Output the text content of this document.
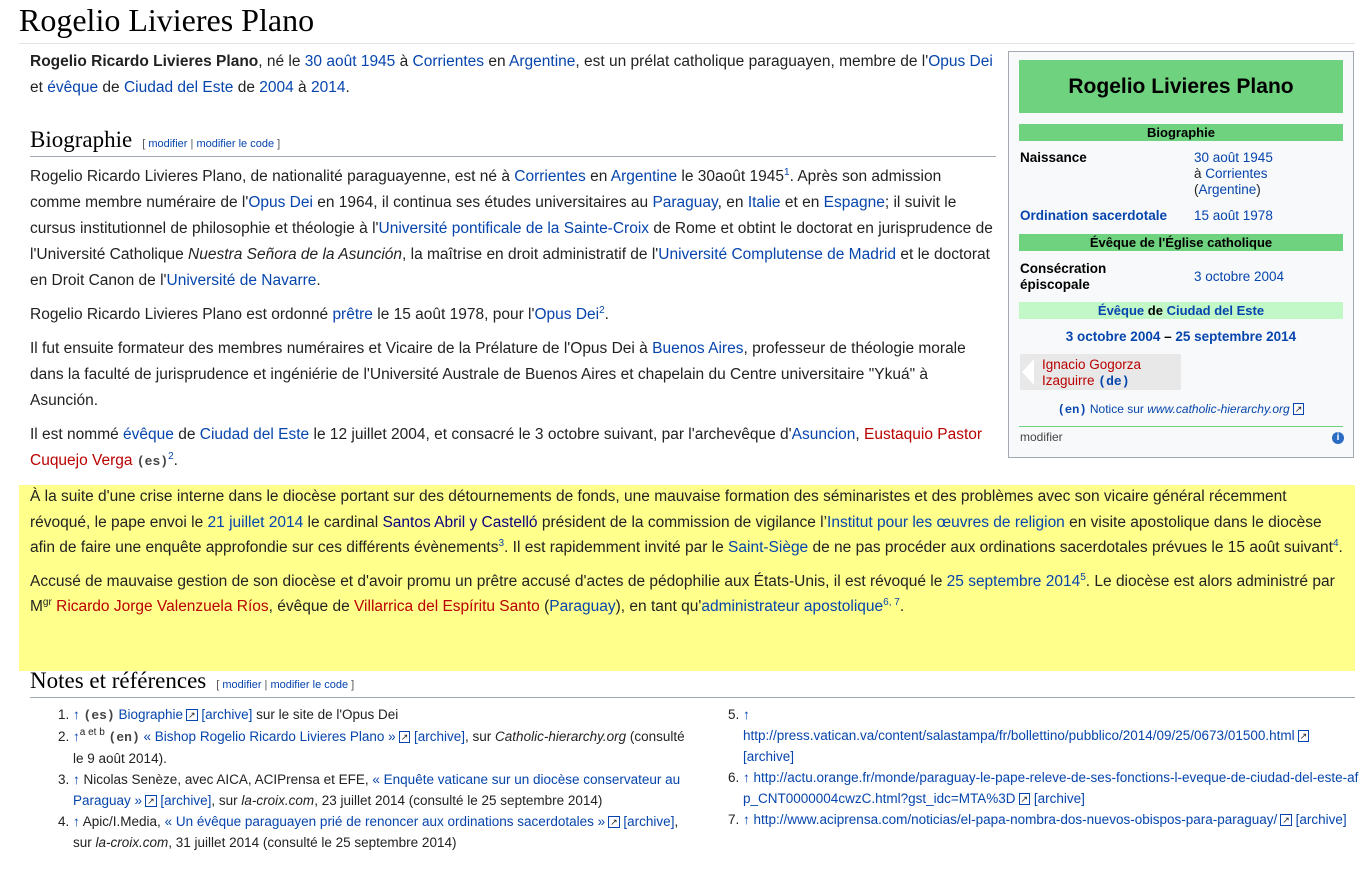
Rogelio Livieres Plano

Rogelio Ricardo Livieres Plano, né le 30 août 1945 à Corrientes en Argentine, est un prélat catholique paraguayen, membre de l'Opus Dei et évêque de Ciudad del Este de 2004 à 2014.

Biographie [ modifier | modifier le code ]

Rogelio Ricardo Livieres Plano, de nationalité paraguayenne, est né à Corrientes en Argentine le 30août 1945$^1$. Après son admission comme membre numéraire de l'Opus Dei en 1964, il continua ses études universitaires au Paraguay, en Italie et en Espagne; il suivit le cursus institutionnel de philosophie et théologie à l'Université pontificale de la Sainte-Croix de Rome et obtint le doctorat en jurisprudence de l'Université Catholique Nuestra Señora de la Asunción, la maîtrise en droit administratif de l'Université Complutense de Madrid et le doctorat en Droit Canon de l'Université de Navarre.

Rogelio Ricardo Livieres Plano est ordonné prêtre le 15 août 1978, pour l'Opus Dei$^2$.

Il fut ensuite formateur des membres numéraires et Vicaire de la Prélature de l'Opus Dei à Buenos Aires, professeur de théologie morale dans la faculté de jurisprudence et ingéniérie de l'Université Australe de Buenos Aires et chapelain du Centre universitaire "Ykuá" à Asunción.

Il est nommé évêque de Ciudad del Este le 12 juillet 2004, et consacré le 3 octobre suivant, par l'archevêque d'Asuncion, Eustaquio Pastor Cuquejo Verga (es)$^2$.

À la suite d'une crise interne dans le diocèse portant sur des détournements de fonds, une mauvaise formation des séminaristes et des problèmes avec son vicaire général récemment révoqué, le pape envoi le 21 juillet 2014 le cardinal Santos Abril y Castelló président de la commission de vigilance l’Institut pour les œuvres de religion en visite apostolique dans le diocèse afin de faire une enquête approfondie sur ces différents évènements$^3$. Il est rapidemment invité par le Saint-Siège de ne pas procéder aux ordinations sacerdotales prévues le 15 août suivant$^4$.

Accusé de mauvaise gestion de son diocèse et d'avoir promu un prêtre accusé d'actes de pédophilie aux États-Unis, il est révoqué le 25 septembre 2014$^5$. Le diocèse est alors administré par $M^{gr}$ Ricardo Jorge Valenzuela Ríos, évêque de Villarrica del Espíritu Santo (Paraguay), en tant qu'administrateur apostolique$^{6, 7}$.

Rogelio Livieres Plano
Biographie
Naissance	30 août 1945
à Corrientes
(Argentine)
Ordination sacerdotale 15 août 1978
Évêque de l'Église catholique
Consécration épiscopale
3 octobre 2004
Évêque de Ciudad del Este
3 octobre 2004 – 25 septembre 2014
Ignacio Gogorza Izaguirre (de)
(en) Notice sur www.catholic-hierarchy.org ↗
modifier	i
Notes et références [ modifier | modifier le code ]
1. ↑ (es) Biographie ↗ [archive] sur le site de l'Opus Dei
2. ↑$^{a et b}$ (en) « Bishop Rogelio Ricardo Livieres Plano » ↗ [archive], sur Catholic-hierarchy.org (consulté le 9 août 2014).
3. ↑ Nicolas Senèze, avec AICA, ACIPrensa et EFE, « Enquête vaticane sur un diocèse conservateur au Paraguay » ↗ [archive], sur la-croix.com, 23 juillet 2014 (consulté le 25 septembre 2014)
4. ↑ Apic/I.Media, « Un évêque paraguayen prié de renoncer aux ordinations sacerdotales » ↗ [archive], sur la-croix.com, 31 juillet 2014 (consulté le 25 septembre 2014)
5. ↑
http://press.vatican.va/content/salastampa/fr/bollettino/pubblico/2014/09/25/0673/01500.html ↗ [archive]
6. ↑ http://actu.orange.fr/monde/paraguay-le-pape-releve-de-ses-fonctions-l-eveque-de-ciudad-del-este-afp_CNT0000004cwzC.html?gst_idc=MTA%3D ↗ [archive]
7. ↑ http://www.aciprensa.com/noticias/el-papa-nombra-dos-nuevos-obispos-para-paraguay/ ↗ [archive]
